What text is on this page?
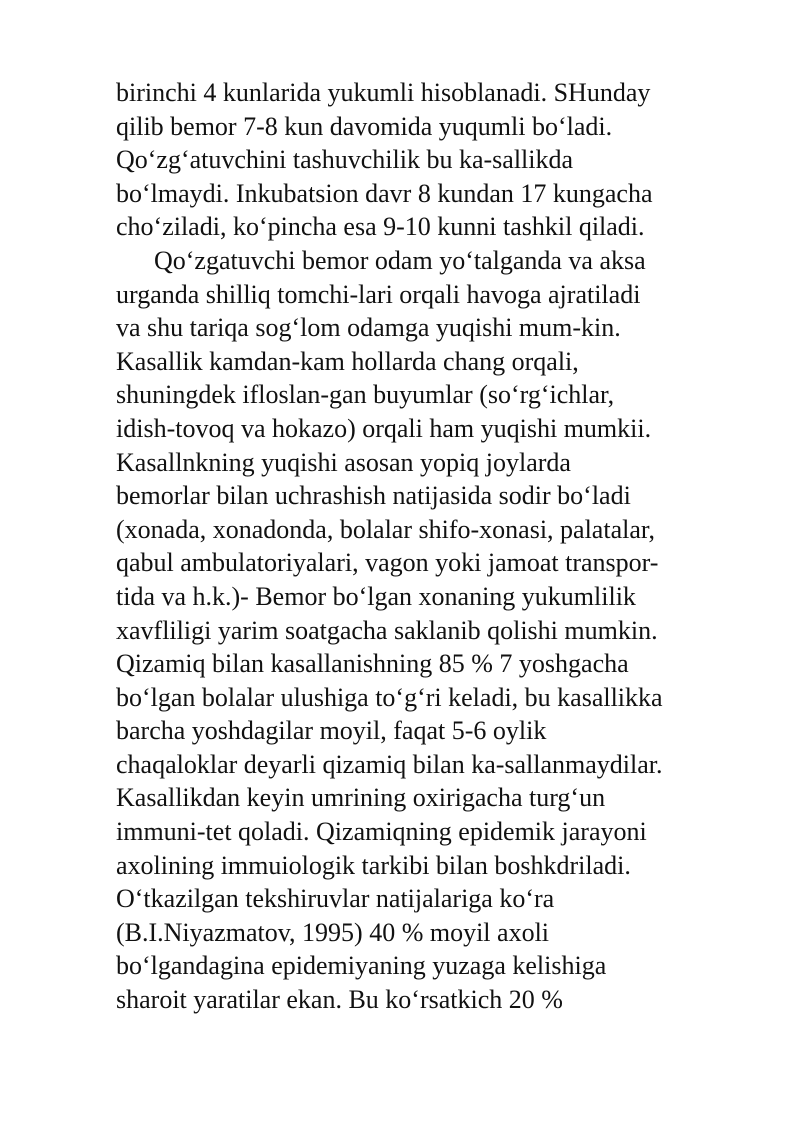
birinchi 4 kunlarida yukumli hisoblanadi. SHunday
qilib bemor 7-8 kun davomida yuqumli bo‘ladi.
Qo‘zg‘atuvchini tashuvchilik bu ka-sallikda
bo‘lmaydi. Inkubatsion davr 8 kundan 17 kungacha
cho‘ziladi, ko‘pincha esa 9-10 kunni tashkil qiladi.
Qo‘zgatuvchi bemor odam yo‘talganda va aksa
urganda shilliq tomchi-lari orqali havoga ajratiladi
va shu tariqa sog‘lom odamga yuqishi mum-kin.
Kasallik kamdan-kam hollarda chang orqali,
shuningdek ifloslan-gan buyumlar (so‘rg‘ichlar,
idish-tovoq va hokazo) orqali ham yuqishi mumkii.
Kasallnkning yuqishi asosan yopiq joylarda
bemorlar bilan uchrashish natijasida sodir bo‘ladi
(xonada, xonadonda, bolalar shifo-xonasi, palatalar,
qabul ambulatoriyalari, vagon yoki jamoat transpor-
tida va h.k.)- Bemor bo‘lgan xonaning yukumlilik
xavfliligi yarim soatgacha saklanib qolishi mumkin.
Qizamiq bilan kasallanishning 85 % 7 yoshgacha
bo‘lgan bolalar ulushiga to‘g‘ri keladi, bu kasallikka
barcha yoshdagilar moyil, faqat 5-6 oylik
chaqaloklar deyarli qizamiq bilan ka-sallanmaydilar.
Kasallikdan keyin umrining oxirigacha turg‘un
immuni-tet qoladi. Qizamiqning epidemik jarayoni
axolining immuiologik tarkibi bilan boshkdriladi.
O‘tkazilgan tekshiruvlar natijalariga ko‘ra
(B.I.Niyazmatov, 1995) 40 % moyil axoli
bo‘lgandagina epidemiyaning yuzaga kelishiga
sharoit yaratilar ekan. Bu ko‘rsatkich 20 %
